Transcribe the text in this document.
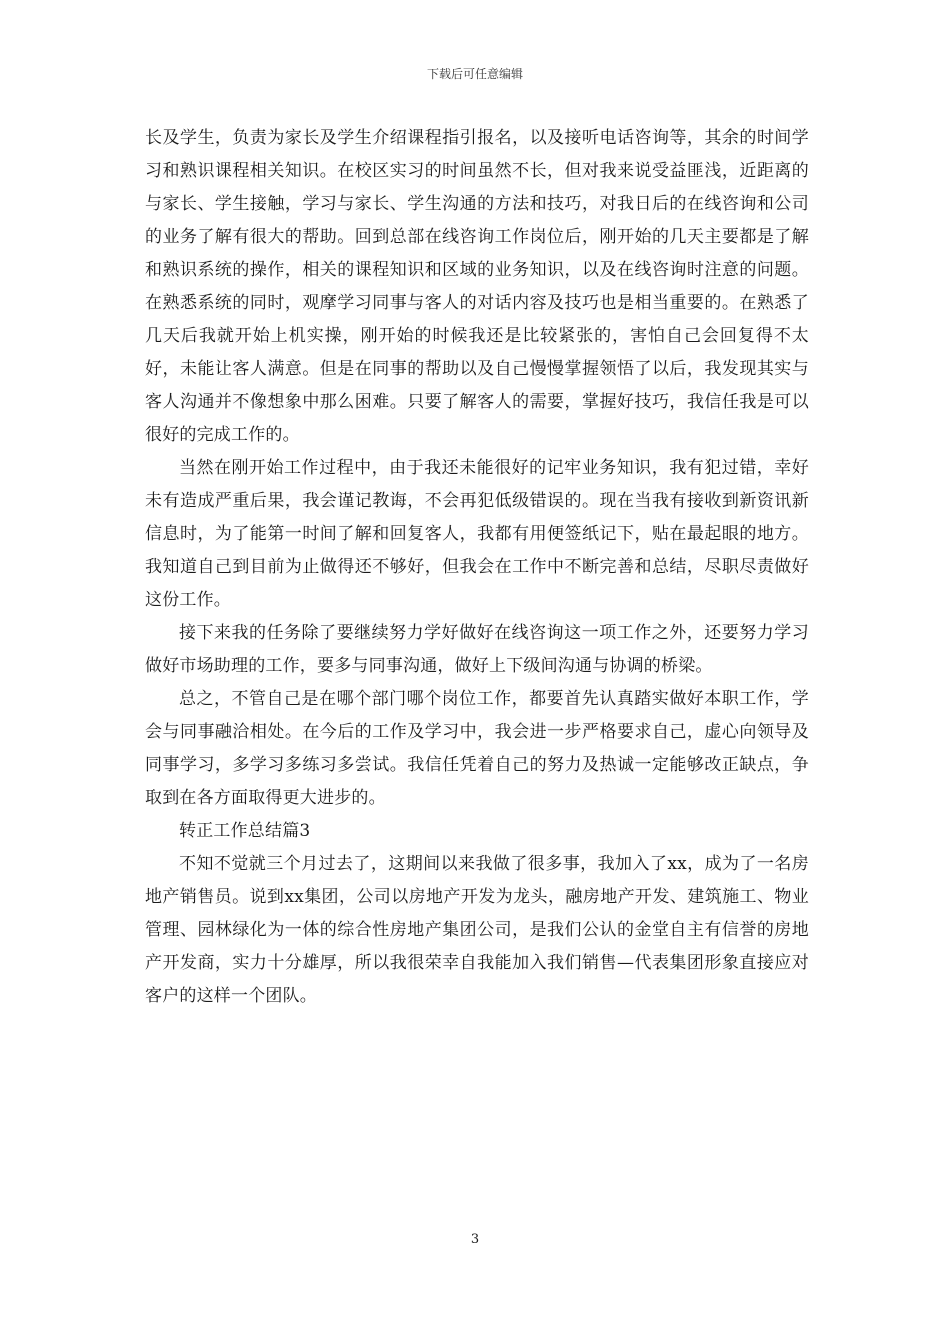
下载后可任意编辑

长及学生，负责为家长及学生介绍课程指引报名，以及接听电话咨询等，其余的时间学习和熟识课程相关知识。在校区实习的时间虽然不长，但对我来说受益匪浅，近距离的与家长、学生接触，学习与家长、学生沟通的方法和技巧，对我日后的在线咨询和公司的业务了解有很大的帮助。回到总部在线咨询工作岗位后，刚开始的几天主要都是了解和熟识系统的操作，相关的课程知识和区域的业务知识，以及在线咨询时注意的问题。在熟悉系统的同时，观摩学习同事与客人的对话内容及技巧也是相当重要的。在熟悉了几天后我就开始上机实操，刚开始的时候我还是比较紧张的，害怕自己会回复得不太好，未能让客人满意。但是在同事的帮助以及自己慢慢掌握领悟了以后，我发现其实与客人沟通并不像想象中那么困难。只要了解客人的需要，掌握好技巧，我信任我是可以很好的完成工作的。

当然在刚开始工作过程中，由于我还未能很好的记牢业务知识，我有犯过错，幸好未有造成严重后果，我会谨记教诲，不会再犯低级错误的。现在当我有接收到新资讯新信息时，为了能第一时间了解和回复客人，我都有用便签纸记下，贴在最起眼的地方。我知道自己到目前为止做得还不够好，但我会在工作中不断完善和总结，尽职尽责做好这份工作。

接下来我的任务除了要继续努力学好做好在线咨询这一项工作之外，还要努力学习做好市场助理的工作，要多与同事沟通，做好上下级间沟通与协调的桥梁。

总之，不管自己是在哪个部门哪个岗位工作，都要首先认真踏实做好本职工作，学会与同事融洽相处。在今后的工作及学习中，我会进一步严格要求自己，虚心向领导及同事学习，多学习多练习多尝试。我信任凭着自己的努力及热诚一定能够改正缺点，争取到在各方面取得更大进步的。

转正工作总结篇3

不知不觉就三个月过去了，这期间以来我做了很多事，我加入了xx，成为了一名房地产销售员。说到xx集团，公司以房地产开发为龙头，融房地产开发、建筑施工、物业管理、园林绿化为一体的综合性房地产集团公司，是我们公认的金堂自主有信誉的房地产开发商，实力十分雄厚，所以我很荣幸自我能加入我们销售—代表集团形象直接应对客户的这样一个团队。

3
